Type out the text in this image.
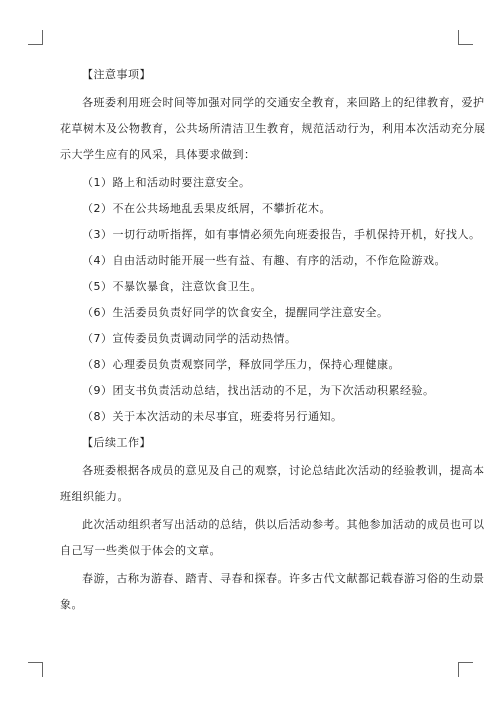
【注意事项】
各班委利用班会时间等加强对同学的交通安全教育，来回路上的纪律教育，爱护
花草树木及公物教育，公共场所清洁卫生教育，规范活动行为，利用本次活动充分展
示大学生应有的风采，具体要求做到：
（1）路上和活动时要注意安全。
（2）不在公共场地乱丢果皮纸屑，不攀折花木。
（3）一切行动听指挥，如有事情必须先向班委报告，手机保持开机，好找人。
（4）自由活动时能开展一些有益、有趣、有序的活动，不作危险游戏。
（5）不暴饮暴食，注意饮食卫生。
（6）生活委员负责好同学的饮食安全，提醒同学注意安全。
（7）宣传委员负责调动同学的活动热情。
（8）心理委员负责观察同学，释放同学压力，保持心理健康。
（9）团支书负责活动总结，找出活动的不足，为下次活动积累经验。
（8）关于本次活动的未尽事宜，班委将另行通知。
【后续工作】
各班委根据各成员的意见及自己的观察，讨论总结此次活动的经验教训，提高本
班组织能力。
此次活动组织者写出活动的总结，供以后活动参考。其他参加活动的成员也可以
自己写一些类似于体会的文章。
春游，古称为游春、踏青、寻春和探春。许多古代文献都记载春游习俗的生动景
象。
